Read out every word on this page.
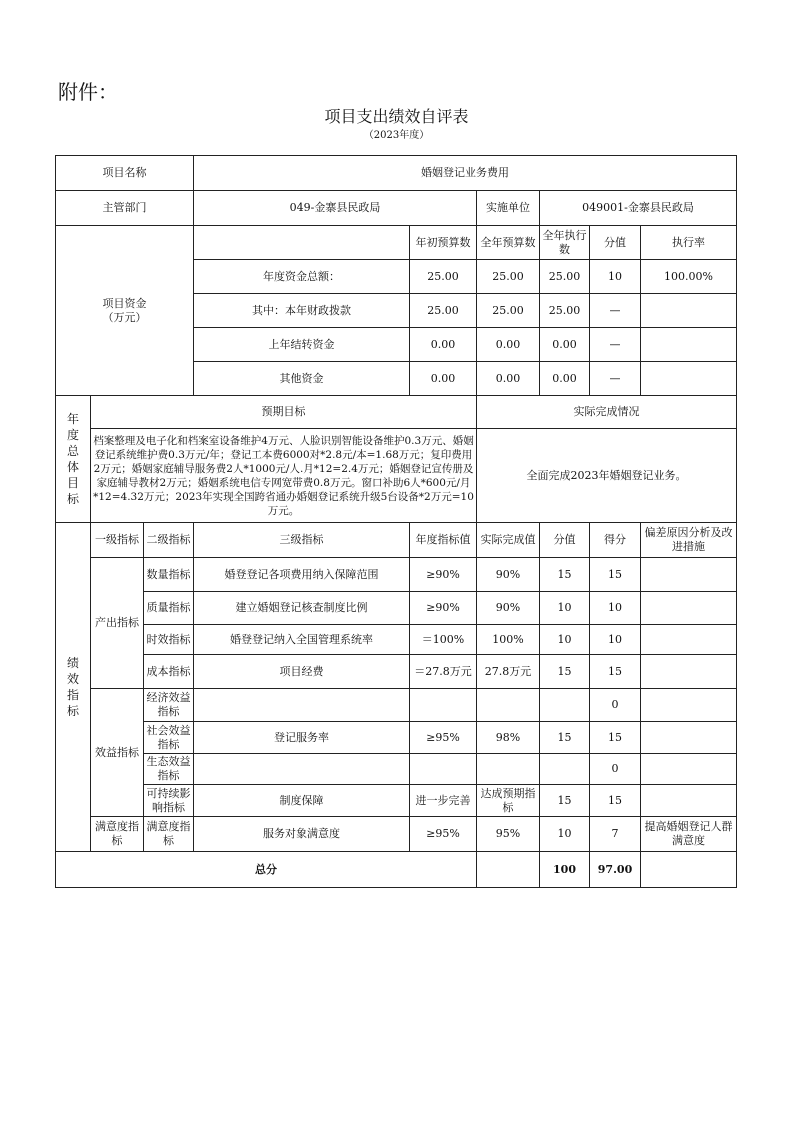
附件：
项目支出绩效自评表
（2023年度）
项目名称			婚姻登记业务费用						
主管部门			049-金寨县民政局		实施单位	049001-金寨县民政局			
项目资金
（万元）				年初预算数	全年预算数	全年执行数	分值	执行率	
			年度资金总额：	25.00	25.00	25.00	10	100.00%	
			其中：本年财政拨款	25.00	25.00	25.00	—		
			上年结转资金	0.00	0.00	0.00	—		
			其他资金	0.00	0.00	0.00	—		
年度总体目标	预期目标				实际完成情况				
	档案整理及电子化和档案室设备维护4万元、人脸识别智能设备维护0.3万元、婚姻登记系统维护费0.3万元/年；登记工本费6000对*2.8元/本=1.68万元；复印费用2万元；婚姻家庭辅导服务费2人*1000元/人.月*12=2.4万元；婚姻登记宣传册及家庭辅导教材2万元；婚姻系统电信专网宽带费0.8万元。窗口补助6人*600元/月*12=4.32万元；2023年实现全国跨省通办婚姻登记系统升级5台设备*2万元=10万元。				全面完成2023年婚姻登记业务。				
绩效指标	一级指标	二级指标	三级指标	年度指标值	实际完成值	分值	得分	偏差原因分析及改进措施	
	产出指标	数量指标	婚登登记各项费用纳入保障范围	≥90%	90%	15	15		
		质量指标	建立婚姻登记核查制度比例	≥90%	90%	10	10		
		时效指标	婚登登记纳入全国管理系统率	＝100%	100%	10	10		
		成本指标	项目经费	＝27.8万元	27.8万元	15	15		
	效益指标	经济效益指标					0		
		社会效益指标	登记服务率	≥95%	98%	15	15		
		生态效益指标					0		
		可持续影响指标	制度保障	进一步完善	达成预期指标	15	15		
	满意度指标	满意度指标	服务对象满意度	≥95%	95%	10	7	提高婚姻登记人群满意度	
总分						100	97.00		
